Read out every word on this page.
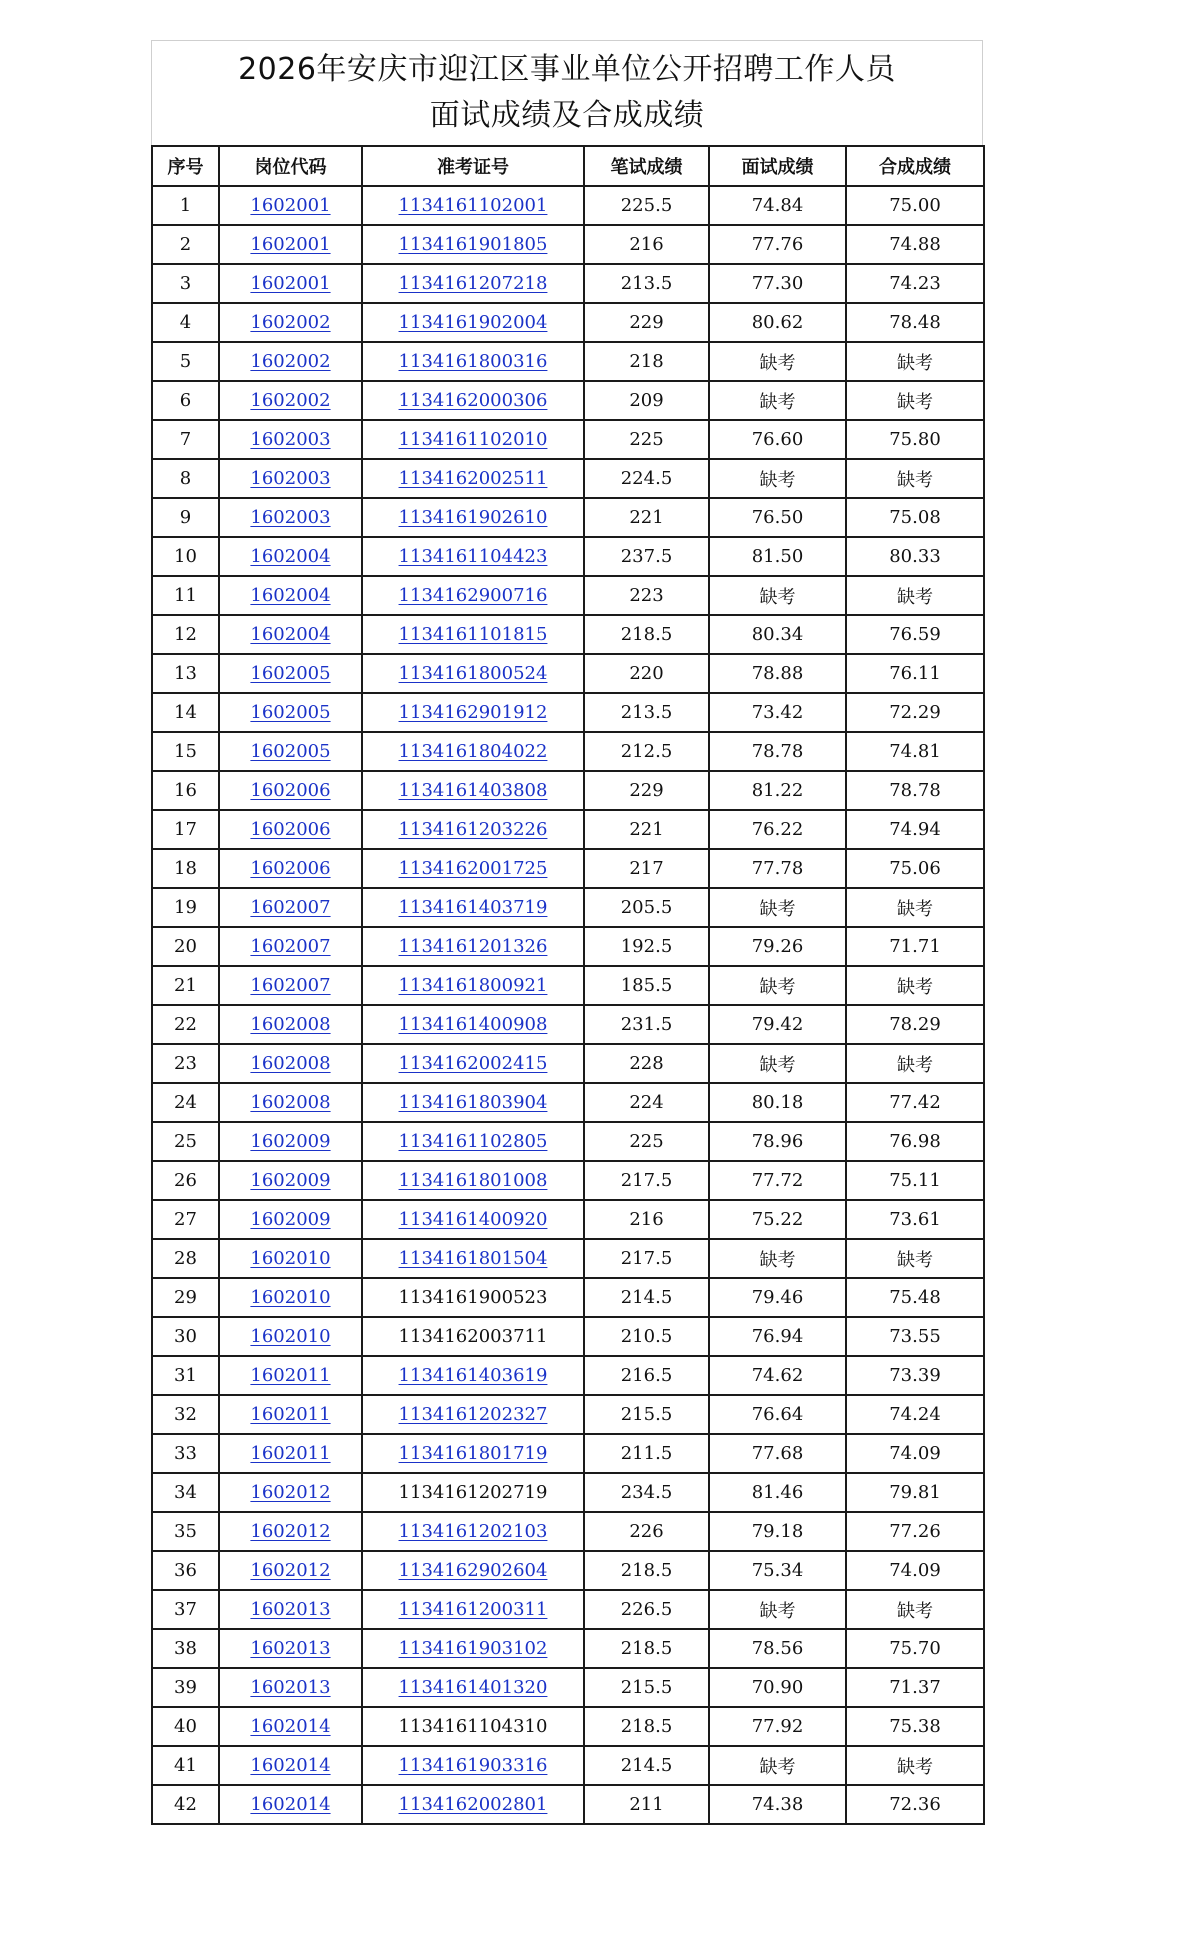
2026年安庆市迎江区事业单位公开招聘工作人员
面试成绩及合成成绩
序号	岗位代码	准考证号	笔试成绩	面试成绩	合成成绩
1	1602001	1134161102001	225.5	74.84	75.00
2	1602001	1134161901805	216	77.76	74.88
3	1602001	1134161207218	213.5	77.30	74.23
4	1602002	1134161902004	229	80.62	78.48
5	1602002	1134161800316	218	缺考	缺考
6	1602002	1134162000306	209	缺考	缺考
7	1602003	1134161102010	225	76.60	75.80
8	1602003	1134162002511	224.5	缺考	缺考
9	1602003	1134161902610	221	76.50	75.08
10	1602004	1134161104423	237.5	81.50	80.33
11	1602004	1134162900716	223	缺考	缺考
12	1602004	1134161101815	218.5	80.34	76.59
13	1602005	1134161800524	220	78.88	76.11
14	1602005	1134162901912	213.5	73.42	72.29
15	1602005	1134161804022	212.5	78.78	74.81
16	1602006	1134161403808	229	81.22	78.78
17	1602006	1134161203226	221	76.22	74.94
18	1602006	1134162001725	217	77.78	75.06
19	1602007	1134161403719	205.5	缺考	缺考
20	1602007	1134161201326	192.5	79.26	71.71
21	1602007	1134161800921	185.5	缺考	缺考
22	1602008	1134161400908	231.5	79.42	78.29
23	1602008	1134162002415	228	缺考	缺考
24	1602008	1134161803904	224	80.18	77.42
25	1602009	1134161102805	225	78.96	76.98
26	1602009	1134161801008	217.5	77.72	75.11
27	1602009	1134161400920	216	75.22	73.61
28	1602010	1134161801504	217.5	缺考	缺考
29	1602010	1134161900523	214.5	79.46	75.48
30	1602010	1134162003711	210.5	76.94	73.55
31	1602011	1134161403619	216.5	74.62	73.39
32	1602011	1134161202327	215.5	76.64	74.24
33	1602011	1134161801719	211.5	77.68	74.09
34	1602012	1134161202719	234.5	81.46	79.81
35	1602012	1134161202103	226	79.18	77.26
36	1602012	1134162902604	218.5	75.34	74.09
37	1602013	1134161200311	226.5	缺考	缺考
38	1602013	1134161903102	218.5	78.56	75.70
39	1602013	1134161401320	215.5	70.90	71.37
40	1602014	1134161104310	218.5	77.92	75.38
41	1602014	1134161903316	214.5	缺考	缺考
42	1602014	1134162002801	211	74.38	72.36
